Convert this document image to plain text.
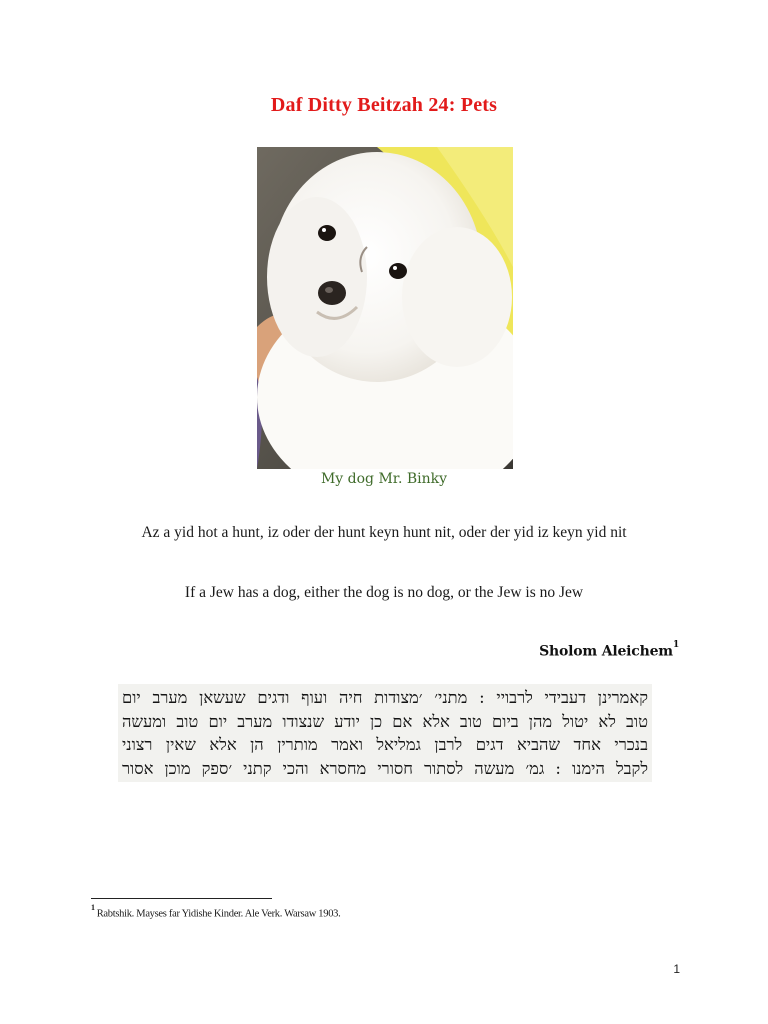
Daf Ditty Beitzah 24: Pets
My dog Mr. Binky
Az a yid hot a hunt, iz oder der hunt keyn hunt nit, oder der yid iz keyn yid nit
If a Jew has a dog, either the dog is no dog, or the Jew is no Jew
Sholom Aleichem$^1$
קאמרינן דעבידי לרבויי : מתני׳ ׳מצודות חיה ועוף ודגים שעשאן מערב יום
טוב לא יטול מהן ביום טוב אלא אם כן יודע שנצודו מערב יום טוב ומעשה
בנכרי אחד שהביא דגים לרבן גמליאל ואמר מותרין הן אלא שאין רצוני
לקבל הימנו : גמ׳ מעשה לסתור חסורי מחסרא והכי קתני ׳ספק מוכן אסור
$^1$Rabtshik. Mayses far Yidishe Kinder. Ale Verk. Warsaw 1903.
1
